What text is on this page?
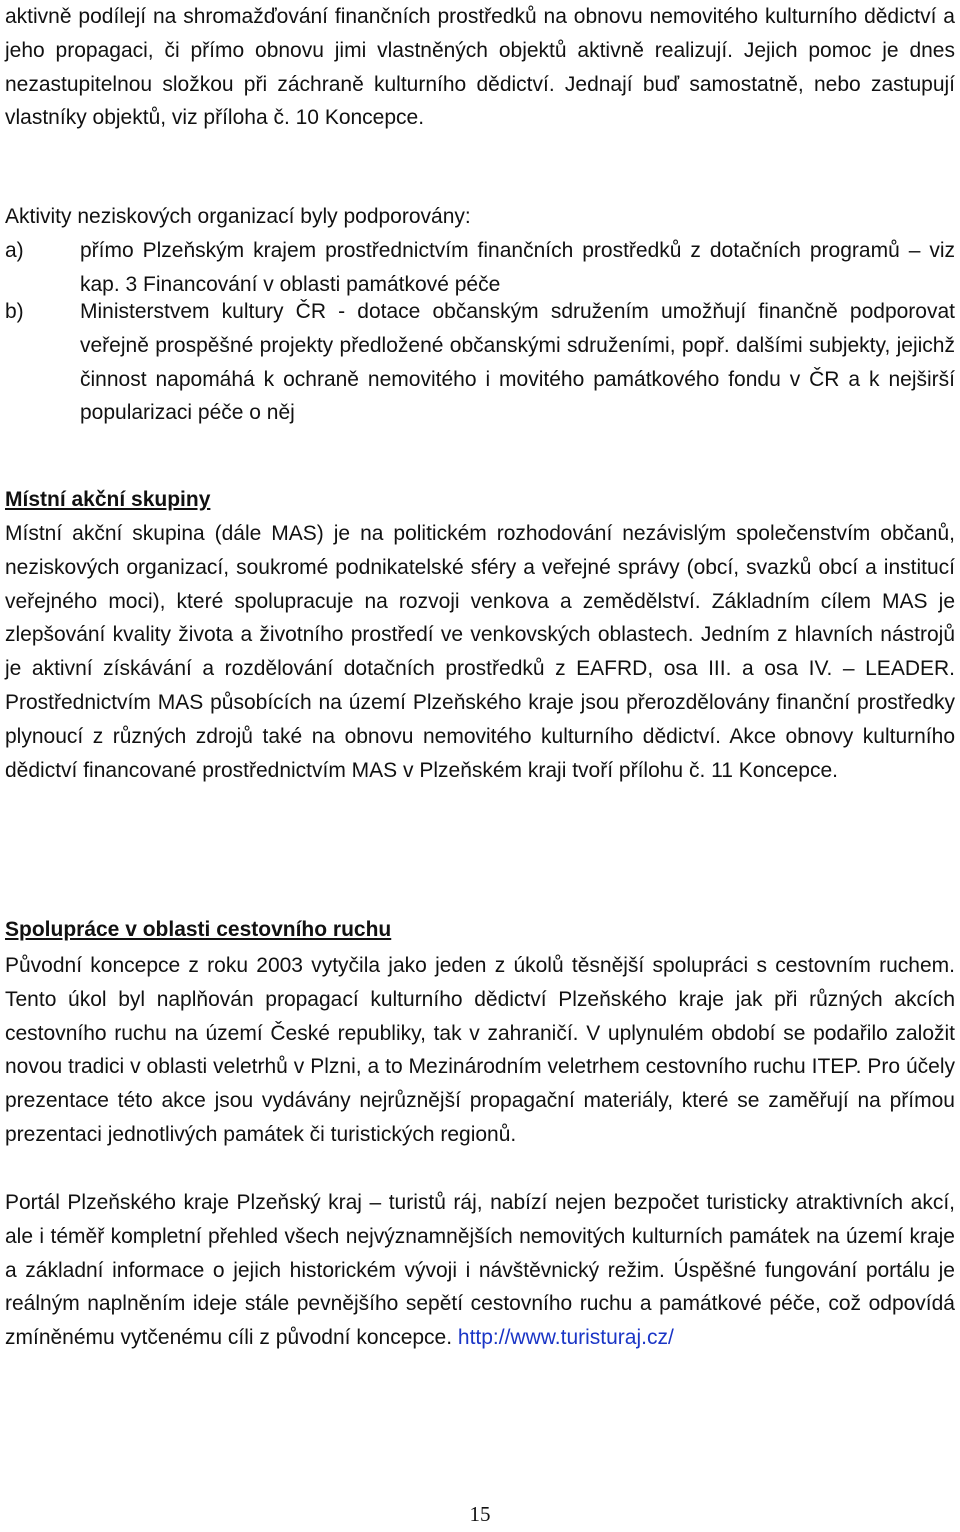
aktivně podílejí na shromažďování finančních prostředků na obnovu nemovitého kulturního dědictví a jeho propagaci, či přímo obnovu jimi vlastněných objektů aktivně realizují. Jejich pomoc je dnes nezastupitelnou složkou při záchraně kulturního dědictví. Jednají buď samostatně, nebo zastupují vlastníky objektů, viz příloha č. 10 Koncepce.

Aktivity neziskových organizací byly podporovány:

a)	přímo Plzeňským krajem prostřednictvím finančních prostředků z dotačních programů – viz kap. 3 Financování v oblasti památkové péče
b)	Ministerstvem kultury ČR - dotace občanským sdružením umožňují finančně podporovat veřejně prospěšné projekty předložené občanskými sdruženími, popř. dalšími subjekty, jejichž činnost napomáhá k ochraně nemovitého i movitého památkového fondu v ČR a k nejširší popularizaci péče o něj
Místní akční skupiny

Místní akční skupina (dále MAS) je na politickém rozhodování nezávislým společenstvím občanů, neziskových organizací, soukromé podnikatelské sféry a veřejné správy (obcí, svazků obcí a institucí veřejného moci), které spolupracuje na rozvoji venkova a zemědělství. Základním cílem MAS je zlepšování kvality života a životního prostředí ve venkovských oblastech. Jedním z hlavních nástrojů je aktivní získávání a rozdělování dotačních prostředků z EAFRD, osa III. a osa IV. – LEADER. Prostřednictvím MAS působících na území Plzeňského kraje jsou přerozdělovány finanční prostředky plynoucí z různých zdrojů také na obnovu nemovitého kulturního dědictví. Akce obnovy kulturního dědictví financované prostřednictvím MAS v Plzeňském kraji tvoří přílohu č. 11 Koncepce.

Spolupráce v oblasti cestovního ruchu

Původní koncepce z roku 2003 vytyčila jako jeden z úkolů těsnější spolupráci s cestovním ruchem. Tento úkol byl naplňován propagací kulturního dědictví Plzeňského kraje jak při různých akcích cestovního ruchu na území České republiky, tak v zahraničí. V uplynulém období se podařilo založit novou tradici v oblasti veletrhů v Plzni, a to Mezinárodním veletrhem cestovního ruchu ITEP. Pro účely prezentace této akce jsou vydávány nejrůznější propagační materiály, které se zaměřují na přímou prezentaci jednotlivých památek či turistických regionů.

Portál Plzeňského kraje Plzeňský kraj – turistů ráj, nabízí nejen bezpočet turisticky atraktivních akcí, ale i téměř kompletní přehled všech nejvýznamnějších nemovitých kulturních památek na území kraje a základní informace o jejich historickém vývoji i návštěvnický režim. Úspěšné fungování portálu je reálným naplněním ideje stále pevnějšího sepětí cestovního ruchu a památkové péče, což odpovídá zmíněnému vytčenému cíli z původní koncepce. http://www.turisturaj.cz/

15
